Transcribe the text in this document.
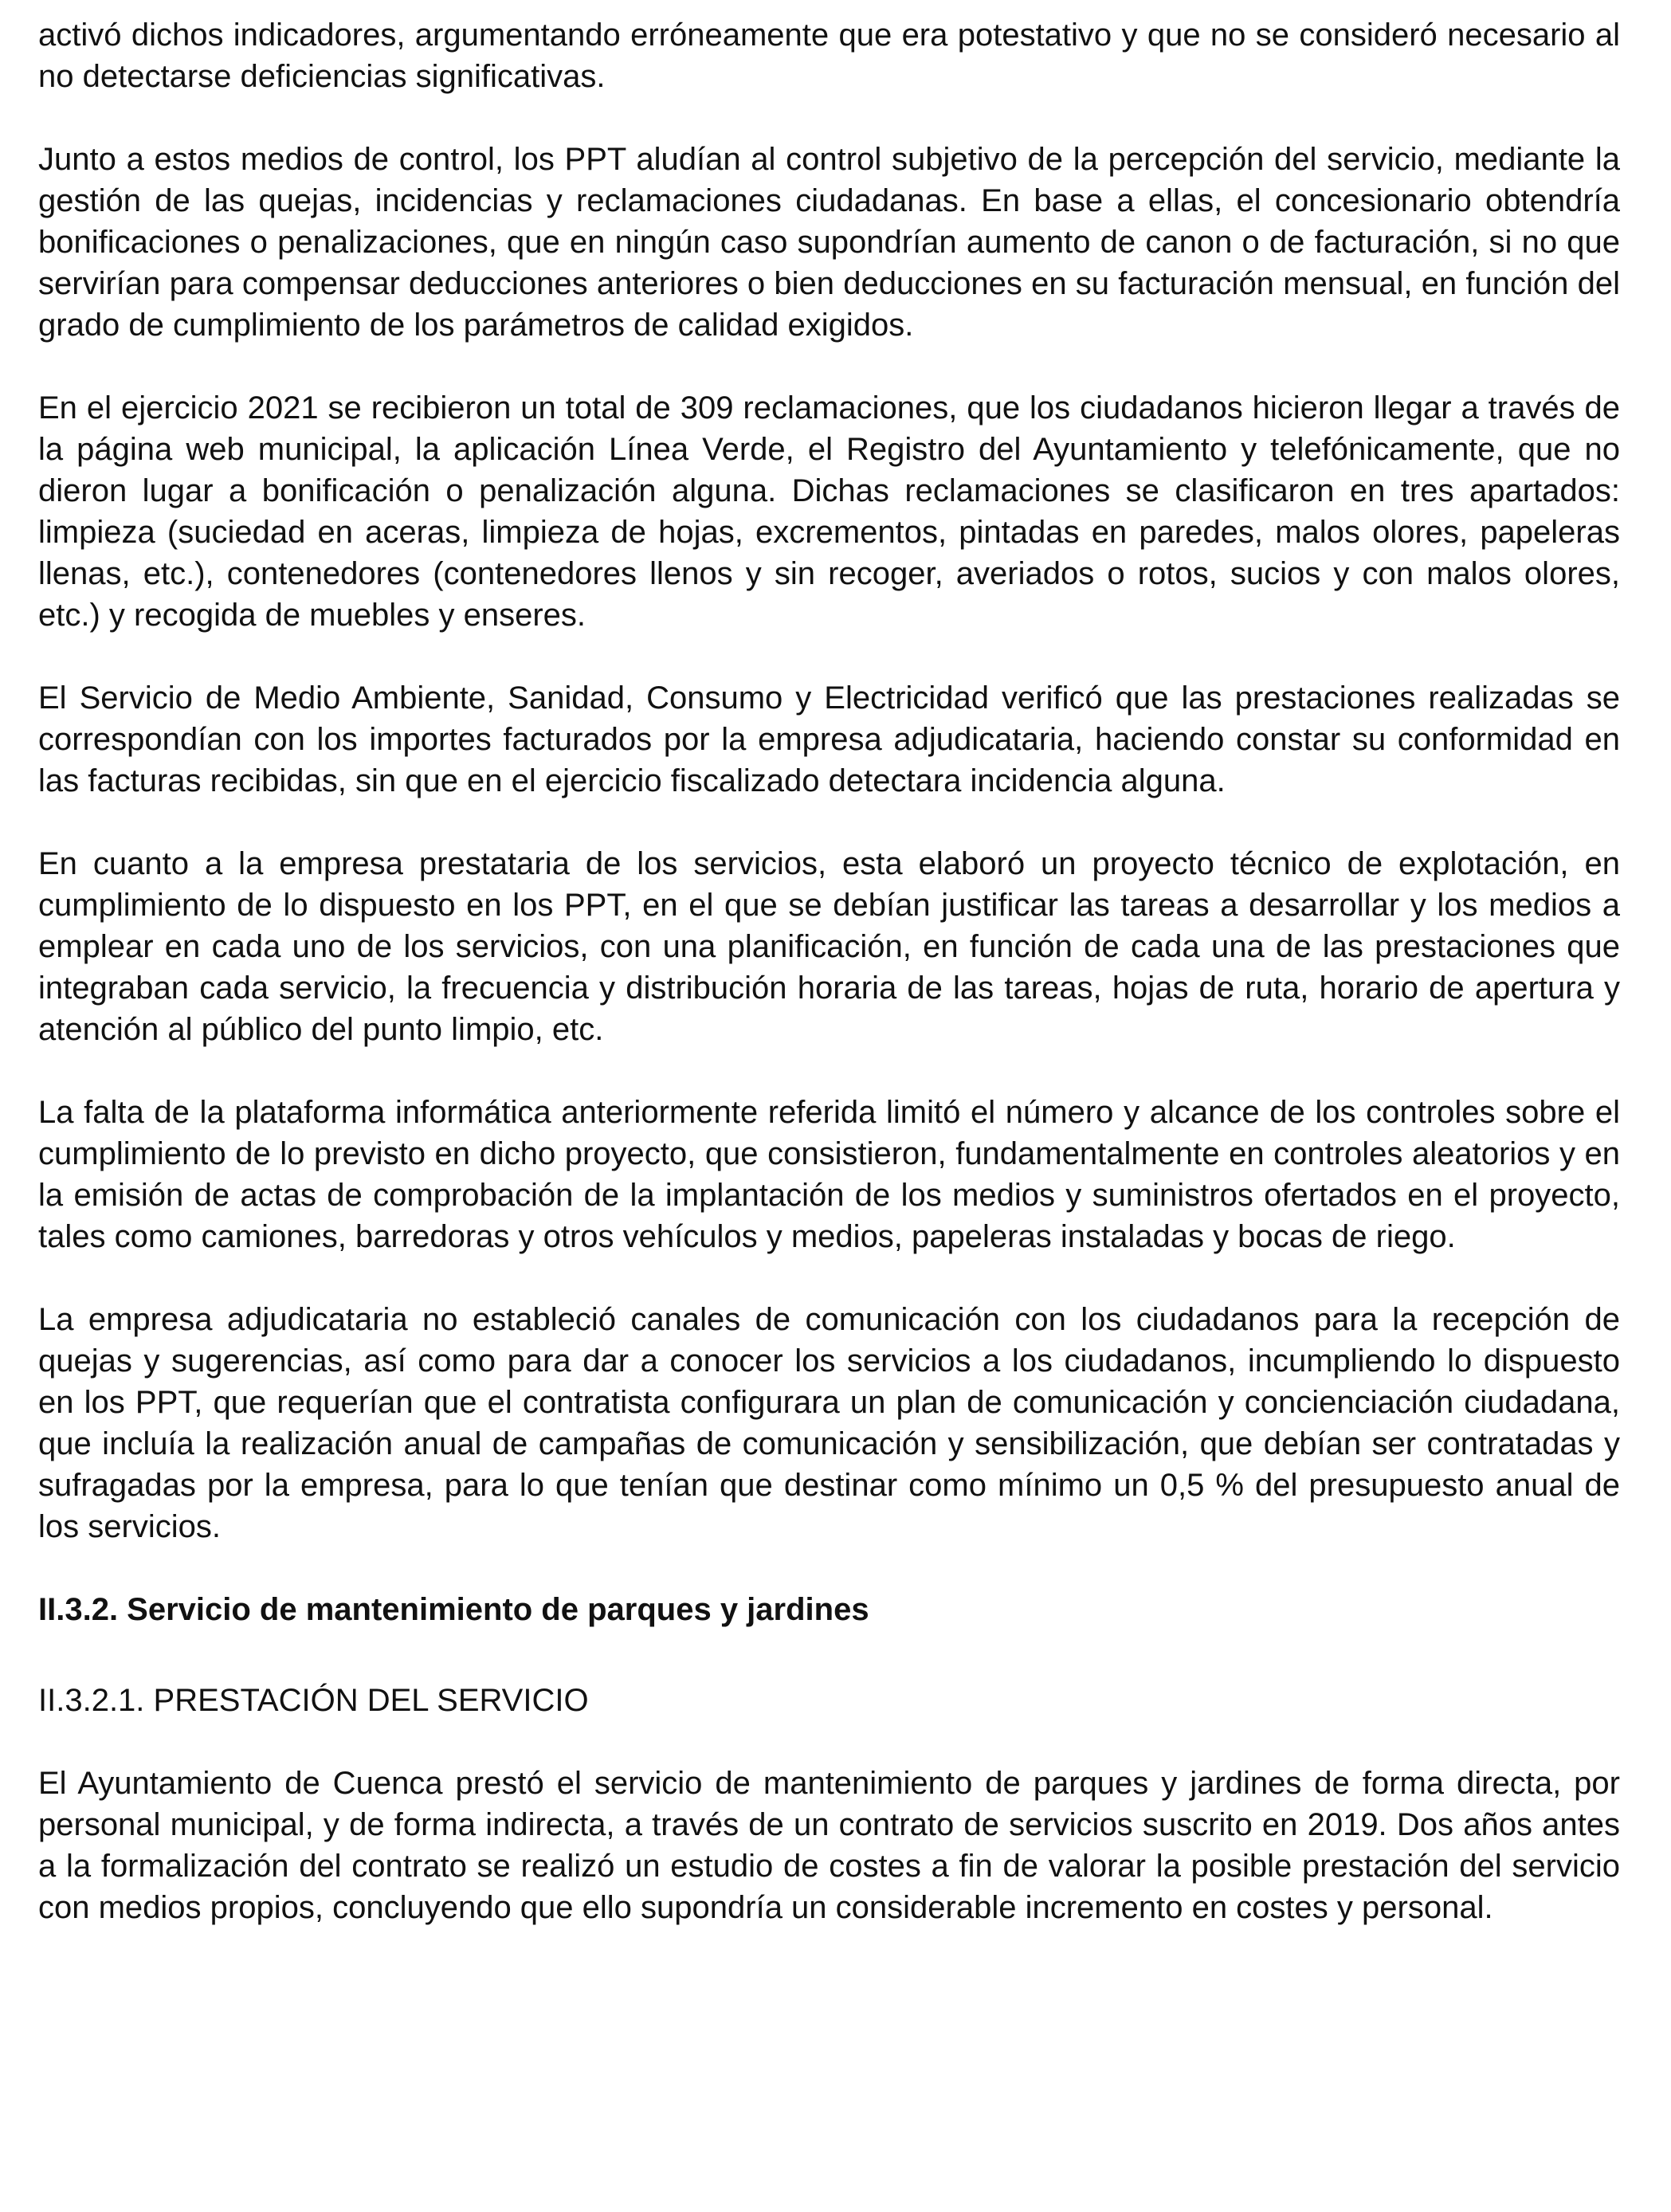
activó dichos indicadores, argumentando erróneamente que era potestativo y que no se consideró necesario al no detectarse deficiencias significativas.

Junto a estos medios de control, los PPT aludían al control subjetivo de la percepción del servicio, mediante la gestión de las quejas, incidencias y reclamaciones ciudadanas. En base a ellas, el concesionario obtendría bonificaciones o penalizaciones, que en ningún caso supondrían aumento de canon o de facturación, si no que servirían para compensar deducciones anteriores o bien deducciones en su facturación mensual, en función del grado de cumplimiento de los parámetros de calidad exigidos.

En el ejercicio 2021 se recibieron un total de 309 reclamaciones, que los ciudadanos hicieron llegar a través de la página web municipal, la aplicación Línea Verde, el Registro del Ayuntamiento y telefónicamente, que no dieron lugar a bonificación o penalización alguna. Dichas reclamaciones se clasificaron en tres apartados: limpieza (suciedad en aceras, limpieza de hojas, excrementos, pintadas en paredes, malos olores, papeleras llenas, etc.), contenedores (contenedores llenos y sin recoger, averiados o rotos, sucios y con malos olores, etc.) y recogida de muebles y enseres.

El Servicio de Medio Ambiente, Sanidad, Consumo y Electricidad verificó que las prestaciones realizadas se correspondían con los importes facturados por la empresa adjudicataria, haciendo constar su conformidad en las facturas recibidas, sin que en el ejercicio fiscalizado detectara incidencia alguna.

En cuanto a la empresa prestataria de los servicios, esta elaboró un proyecto técnico de explotación, en cumplimiento de lo dispuesto en los PPT, en el que se debían justificar las tareas a desarrollar y los medios a emplear en cada uno de los servicios, con una planificación, en función de cada una de las prestaciones que integraban cada servicio, la frecuencia y distribución horaria de las tareas, hojas de ruta, horario de apertura y atención al público del punto limpio, etc.

La falta de la plataforma informática anteriormente referida limitó el número y alcance de los controles sobre el cumplimiento de lo previsto en dicho proyecto, que consistieron, fundamentalmente en controles aleatorios y en la emisión de actas de comprobación de la implantación de los medios y suministros ofertados en el proyecto, tales como camiones, barredoras y otros vehículos y medios, papeleras instaladas y bocas de riego.

La empresa adjudicataria no estableció canales de comunicación con los ciudadanos para la recepción de quejas y sugerencias, así como para dar a conocer los servicios a los ciudadanos, incumpliendo lo dispuesto en los PPT, que requerían que el contratista configurara un plan de comunicación y concienciación ciudadana, que incluía la realización anual de campañas de comunicación y sensibilización, que debían ser contratadas y sufragadas por la empresa, para lo que tenían que destinar como mínimo un 0,5 % del presupuesto anual de los servicios.

II.3.2. Servicio de mantenimiento de parques y jardines
II.3.2.1. PRESTACIÓN DEL SERVICIO

El Ayuntamiento de Cuenca prestó el servicio de mantenimiento de parques y jardines de forma directa, por personal municipal, y de forma indirecta, a través de un contrato de servicios suscrito en 2019. Dos años antes a la formalización del contrato se realizó un estudio de costes a fin de valorar la posible prestación del servicio con medios propios, concluyendo que ello supondría un considerable incremento en costes y personal.
